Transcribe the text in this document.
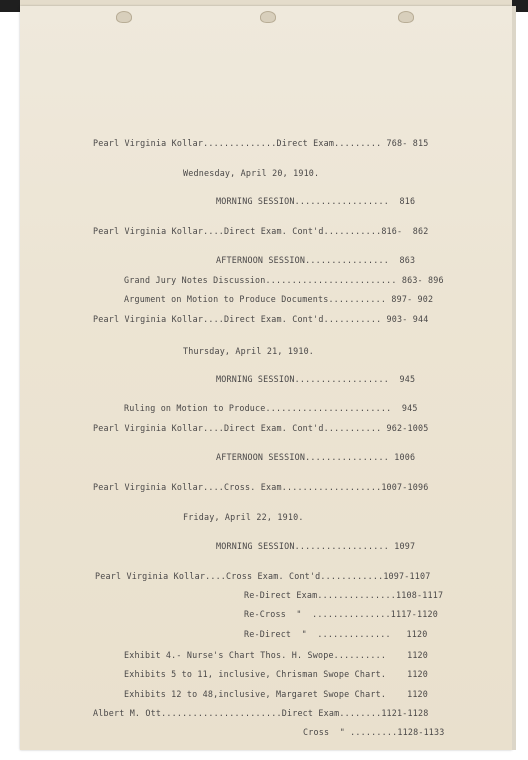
Pearl Virginia Kollar..............Direct Exam......... 768- 815
Wednesday, April 20, 1910.
MORNING SESSION..................  816
Pearl Virginia Kollar....Direct Exam. Cont'd...........816-  862
AFTERNOON SESSION................  863
Grand Jury Notes Discussion......................... 863- 896
Argument on Motion to Produce Documents........... 897- 902
Pearl Virginia Kollar....Direct Exam. Cont'd........... 903- 944
Thursday, April 21, 1910.
MORNING SESSION..................  945
Ruling on Motion to Produce........................  945
Pearl Virginia Kollar....Direct Exam. Cont'd........... 962-1005
AFTERNOON SESSION................ 1006
Pearl Virginia Kollar....Cross. Exam...................1007-1096
Friday, April 22, 1910.
MORNING SESSION.................. 1097
Pearl Virginia Kollar....Cross Exam. Cont'd............1097-1107
Re-Direct Exam...............1108-1117
Re-Cross  "  ...............1117-1120
Re-Direct  "  ..............   1120
Exhibit 4.- Nurse's Chart Thos. H. Swope..........    1120
Exhibits 5 to 11, inclusive, Chrisman Swope Chart.    1120
Exhibits 12 to 48,inclusive, Margaret Swope Chart.    1120
Albert M. Ott.......................Direct Exam........1121-1128
Cross  " .........1128-1133
